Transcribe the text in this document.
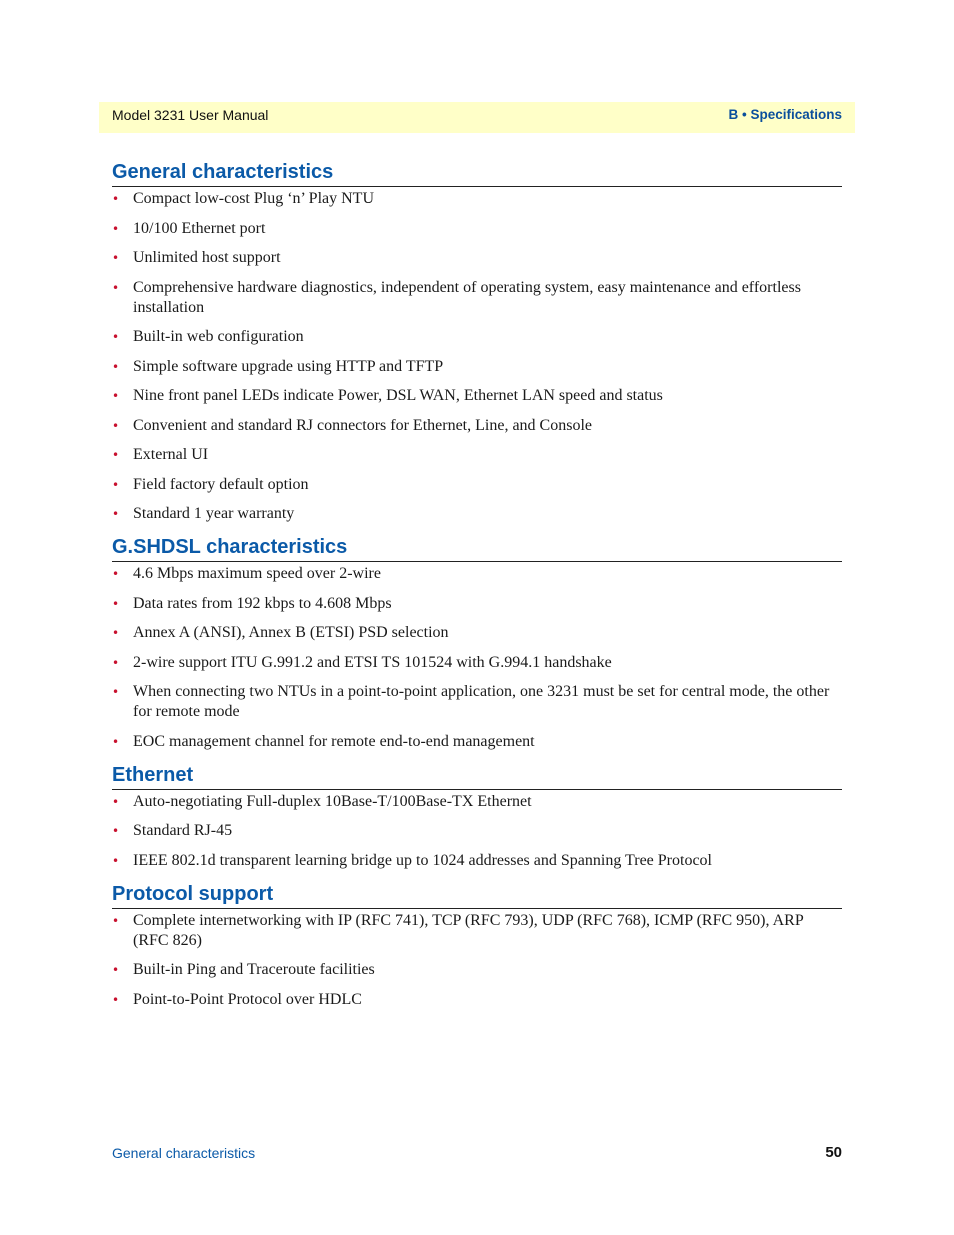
Model 3231 User Manual	B • Specifications
General characteristics
• Compact low-cost Plug ‘n’ Play NTU
• 10/100 Ethernet port
• Unlimited host support
• Comprehensive hardware diagnostics, independent of operating system, easy maintenance and effortless installation
• Built-in web configuration
• Simple software upgrade using HTTP and TFTP
• Nine front panel LEDs indicate Power, DSL WAN, Ethernet LAN speed and status
• Convenient and standard RJ connectors for Ethernet, Line, and Console
• External UI
• Field factory default option
• Standard 1 year warranty
G.SHDSL characteristics
• 4.6 Mbps maximum speed over 2-wire
• Data rates from 192 kbps to 4.608 Mbps
• Annex A (ANSI), Annex B (ETSI) PSD selection
• 2-wire support ITU G.991.2 and ETSI TS 101524 with G.994.1 handshake
• When connecting two NTUs in a point-to-point application, one 3231 must be set for central mode, the other for remote mode
• EOC management channel for remote end-to-end management
Ethernet
• Auto-negotiating Full-duplex 10Base-T/100Base-TX Ethernet
• Standard RJ-45
• IEEE 802.1d transparent learning bridge up to 1024 addresses and Spanning Tree Protocol
Protocol support
• Complete internetworking with IP (RFC 741), TCP (RFC 793), UDP (RFC 768), ICMP (RFC 950), ARP (RFC 826)
• Built-in Ping and Traceroute facilities
• Point-to-Point Protocol over HDLC
General characteristics	50
